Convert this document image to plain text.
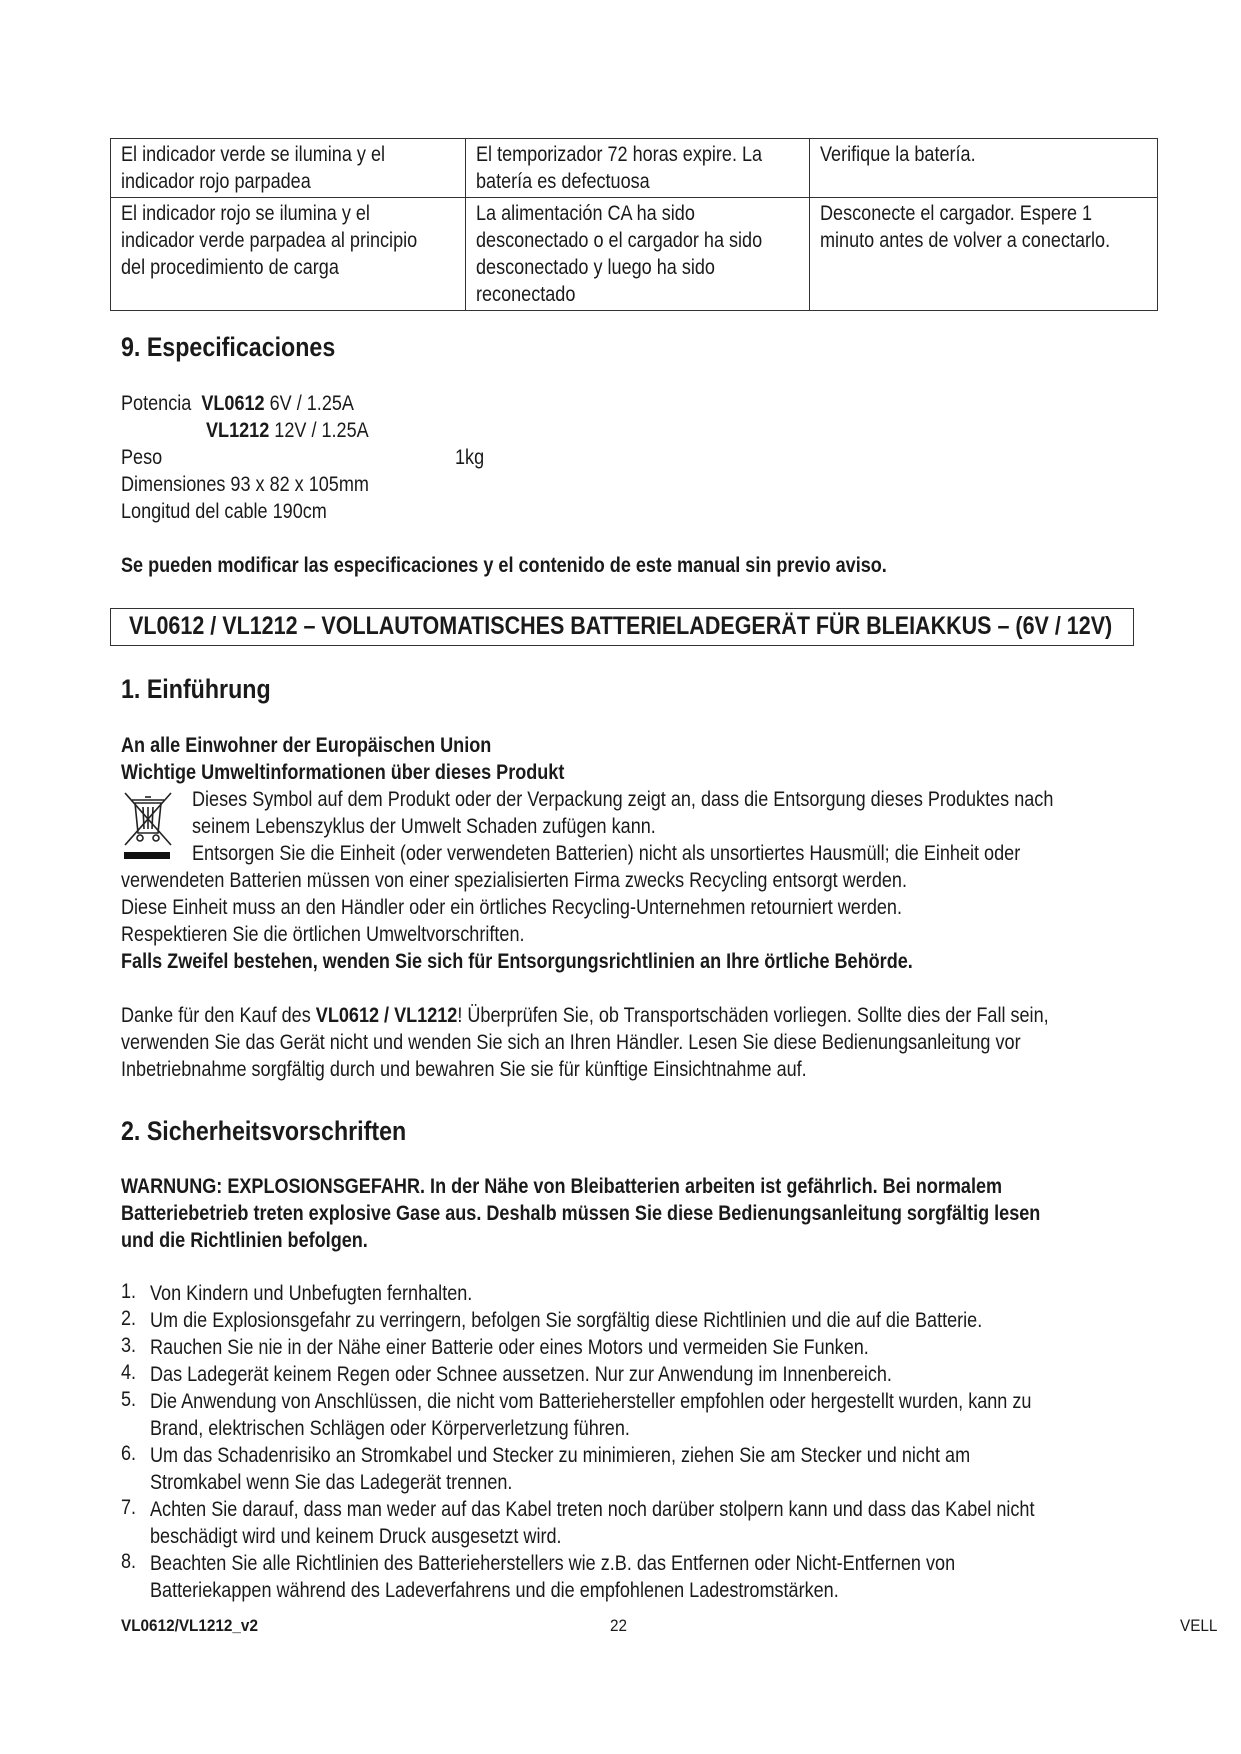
El indicador verde se ilumina y el
indicador rojo parpadea	El temporizador 72 horas expire. La
batería es defectuosa	Verifique la batería.

El indicador rojo se ilumina y el
indicador verde parpadea al principio
del procedimiento de carga	La alimentación CA ha sido
desconectado o el cargador ha sido
desconectado y luego ha sido
reconectado	Desconecte el cargador. Espere 1
minuto antes de volver a conectarlo.
9. Especificaciones
Potencia VL0612 6V / 1.25A
VL1212 12V / 1.25A
Peso	1kg
Dimensiones 93 x 82 x 105mm
Longitud del cable 190cm
Se pueden modificar las especificaciones y el contenido de este manual sin previo aviso.
VL0612 / VL1212 – VOLLAUTOMATISCHES BATTERIELADEGERÄT FÜR BLEIAKKUS – (6V / 12V)
1. Einführung
An alle Einwohner der Europäischen Union
Wichtige Umweltinformationen über dieses Produkt
Dieses Symbol auf dem Produkt oder der Verpackung zeigt an, dass die Entsorgung dieses Produktes nach
seinem Lebenszyklus der Umwelt Schaden zufügen kann.
Entsorgen Sie die Einheit (oder verwendeten Batterien) nicht als unsortiertes Hausmüll; die Einheit oder
verwendeten Batterien müssen von einer spezialisierten Firma zwecks Recycling entsorgt werden.
Diese Einheit muss an den Händler oder ein örtliches Recycling-Unternehmen retourniert werden.
Respektieren Sie die örtlichen Umweltvorschriften.
Falls Zweifel bestehen, wenden Sie sich für Entsorgungsrichtlinien an Ihre örtliche Behörde.
Danke für den Kauf des VL0612 / VL1212! Überprüfen Sie, ob Transportschäden vorliegen. Sollte dies der Fall sein,
verwenden Sie das Gerät nicht und wenden Sie sich an Ihren Händler. Lesen Sie diese Bedienungsanleitung vor
Inbetriebnahme sorgfältig durch und bewahren Sie sie für künftige Einsichtnahme auf.
2. Sicherheitsvorschriften
WARNUNG: EXPLOSIONSGEFAHR. In der Nähe von Bleibatterien arbeiten ist gefährlich. Bei normalem
Batteriebetrieb treten explosive Gase aus. Deshalb müssen Sie diese Bedienungsanleitung sorgfältig lesen
und die Richtlinien befolgen.
1. Von Kindern und Unbefugten fernhalten.
2. Um die Explosionsgefahr zu verringern, befolgen Sie sorgfältig diese Richtlinien und die auf die Batterie.
3. Rauchen Sie nie in der Nähe einer Batterie oder eines Motors und vermeiden Sie Funken.
4. Das Ladegerät keinem Regen oder Schnee aussetzen. Nur zur Anwendung im Innenbereich.
5. Die Anwendung von Anschlüssen, die nicht vom Batteriehersteller empfohlen oder hergestellt wurden, kann zu
Brand, elektrischen Schlägen oder Körperverletzung führen.
6. Um das Schadenrisiko an Stromkabel und Stecker zu minimieren, ziehen Sie am Stecker und nicht am
Stromkabel wenn Sie das Ladegerät trennen.
7. Achten Sie darauf, dass man weder auf das Kabel treten noch darüber stolpern kann und dass das Kabel nicht
beschädigt wird und keinem Druck ausgesetzt wird.
8. Beachten Sie alle Richtlinien des Batterieherstellers wie z.B. das Entfernen oder Nicht-Entfernen von
Batteriekappen während des Ladeverfahrens und die empfohlenen Ladestromstärken.
VL0612/VL1212_v2	22	VELL
